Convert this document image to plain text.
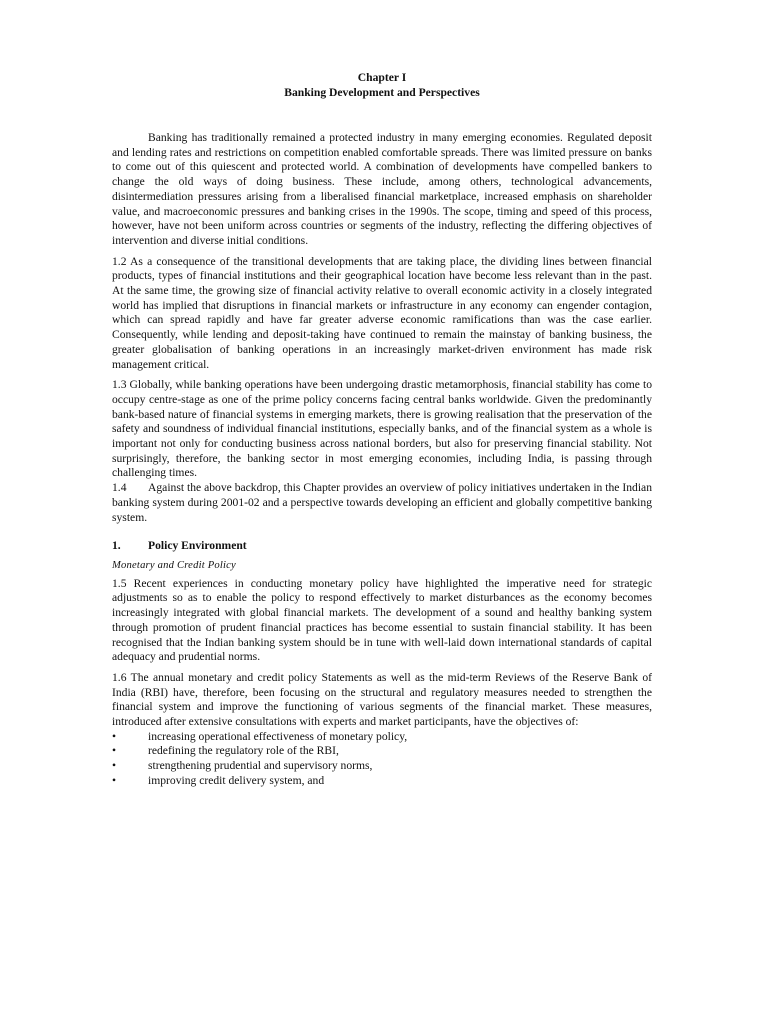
Chapter I
Banking Development and Perspectives

Banking has traditionally remained a protected industry in many emerging economies. Regulated deposit and lending rates and restrictions on competition enabled comfortable spreads. There was limited pressure on banks to come out of this quiescent and protected world. A combination of developments have compelled bankers to change the old ways of doing business. These include, among others, technological advancements, disintermediation pressures arising from a liberalised financial marketplace, increased emphasis on shareholder value, and macroeconomic pressures and banking crises in the 1990s. The scope, timing and speed of this process, however, have not been uniform across countries or segments of the industry, reflecting the differing objectives of intervention and diverse initial conditions.

1.2 As a consequence of the transitional developments that are taking place, the dividing lines between financial products, types of financial institutions and their geographical location have become less relevant than in the past. At the same time, the growing size of financial activity relative to overall economic activity in a closely integrated world has implied that disruptions in financial markets or infrastructure in any economy can engender contagion, which can spread rapidly and have far greater adverse economic ramifications than was the case earlier. Consequently, while lending and deposit-taking have continued to remain the mainstay of banking business, the greater globalisation of banking operations in an increasingly market-driven environment has made risk management critical.

1.3 Globally, while banking operations have been undergoing drastic metamorphosis, financial stability has come to occupy centre-stage as one of the prime policy concerns facing central banks worldwide. Given the predominantly bank-based nature of financial systems in emerging markets, there is growing realisation that the preservation of the safety and soundness of individual financial institutions, especially banks, and of the financial system as a whole is important not only for conducting business across national borders, but also for preserving financial stability. Not surprisingly, therefore, the banking sector in most emerging economies, including India, is passing through challenging times.

1.4 Against the above backdrop, this Chapter provides an overview of policy initiatives undertaken in the Indian banking system during 2001-02 and a perspective towards developing an efficient and globally competitive banking system.

1.	Policy Environment
Monetary and Credit Policy

1.5 Recent experiences in conducting monetary policy have highlighted the imperative need for strategic adjustments so as to enable the policy to respond effectively to market disturbances as the economy becomes increasingly integrated with global financial markets. The development of a sound and healthy banking system through promotion of prudent financial practices has become essential to sustain financial stability. It has been recognised that the Indian banking system should be in tune with well-laid down international standards of capital adequacy and prudential norms.

1.6 The annual monetary and credit policy Statements as well as the mid-term Reviews of the Reserve Bank of India (RBI) have, therefore, been focusing on the structural and regulatory measures needed to strengthen the financial system and improve the functioning of various segments of the financial market. These measures, introduced after extensive consultations with experts and market participants, have the objectives of:

•	increasing operational effectiveness of monetary policy,
•	redefining the regulatory role of the RBI,
•	strengthening prudential and supervisory norms,
•	improving credit delivery system, and
